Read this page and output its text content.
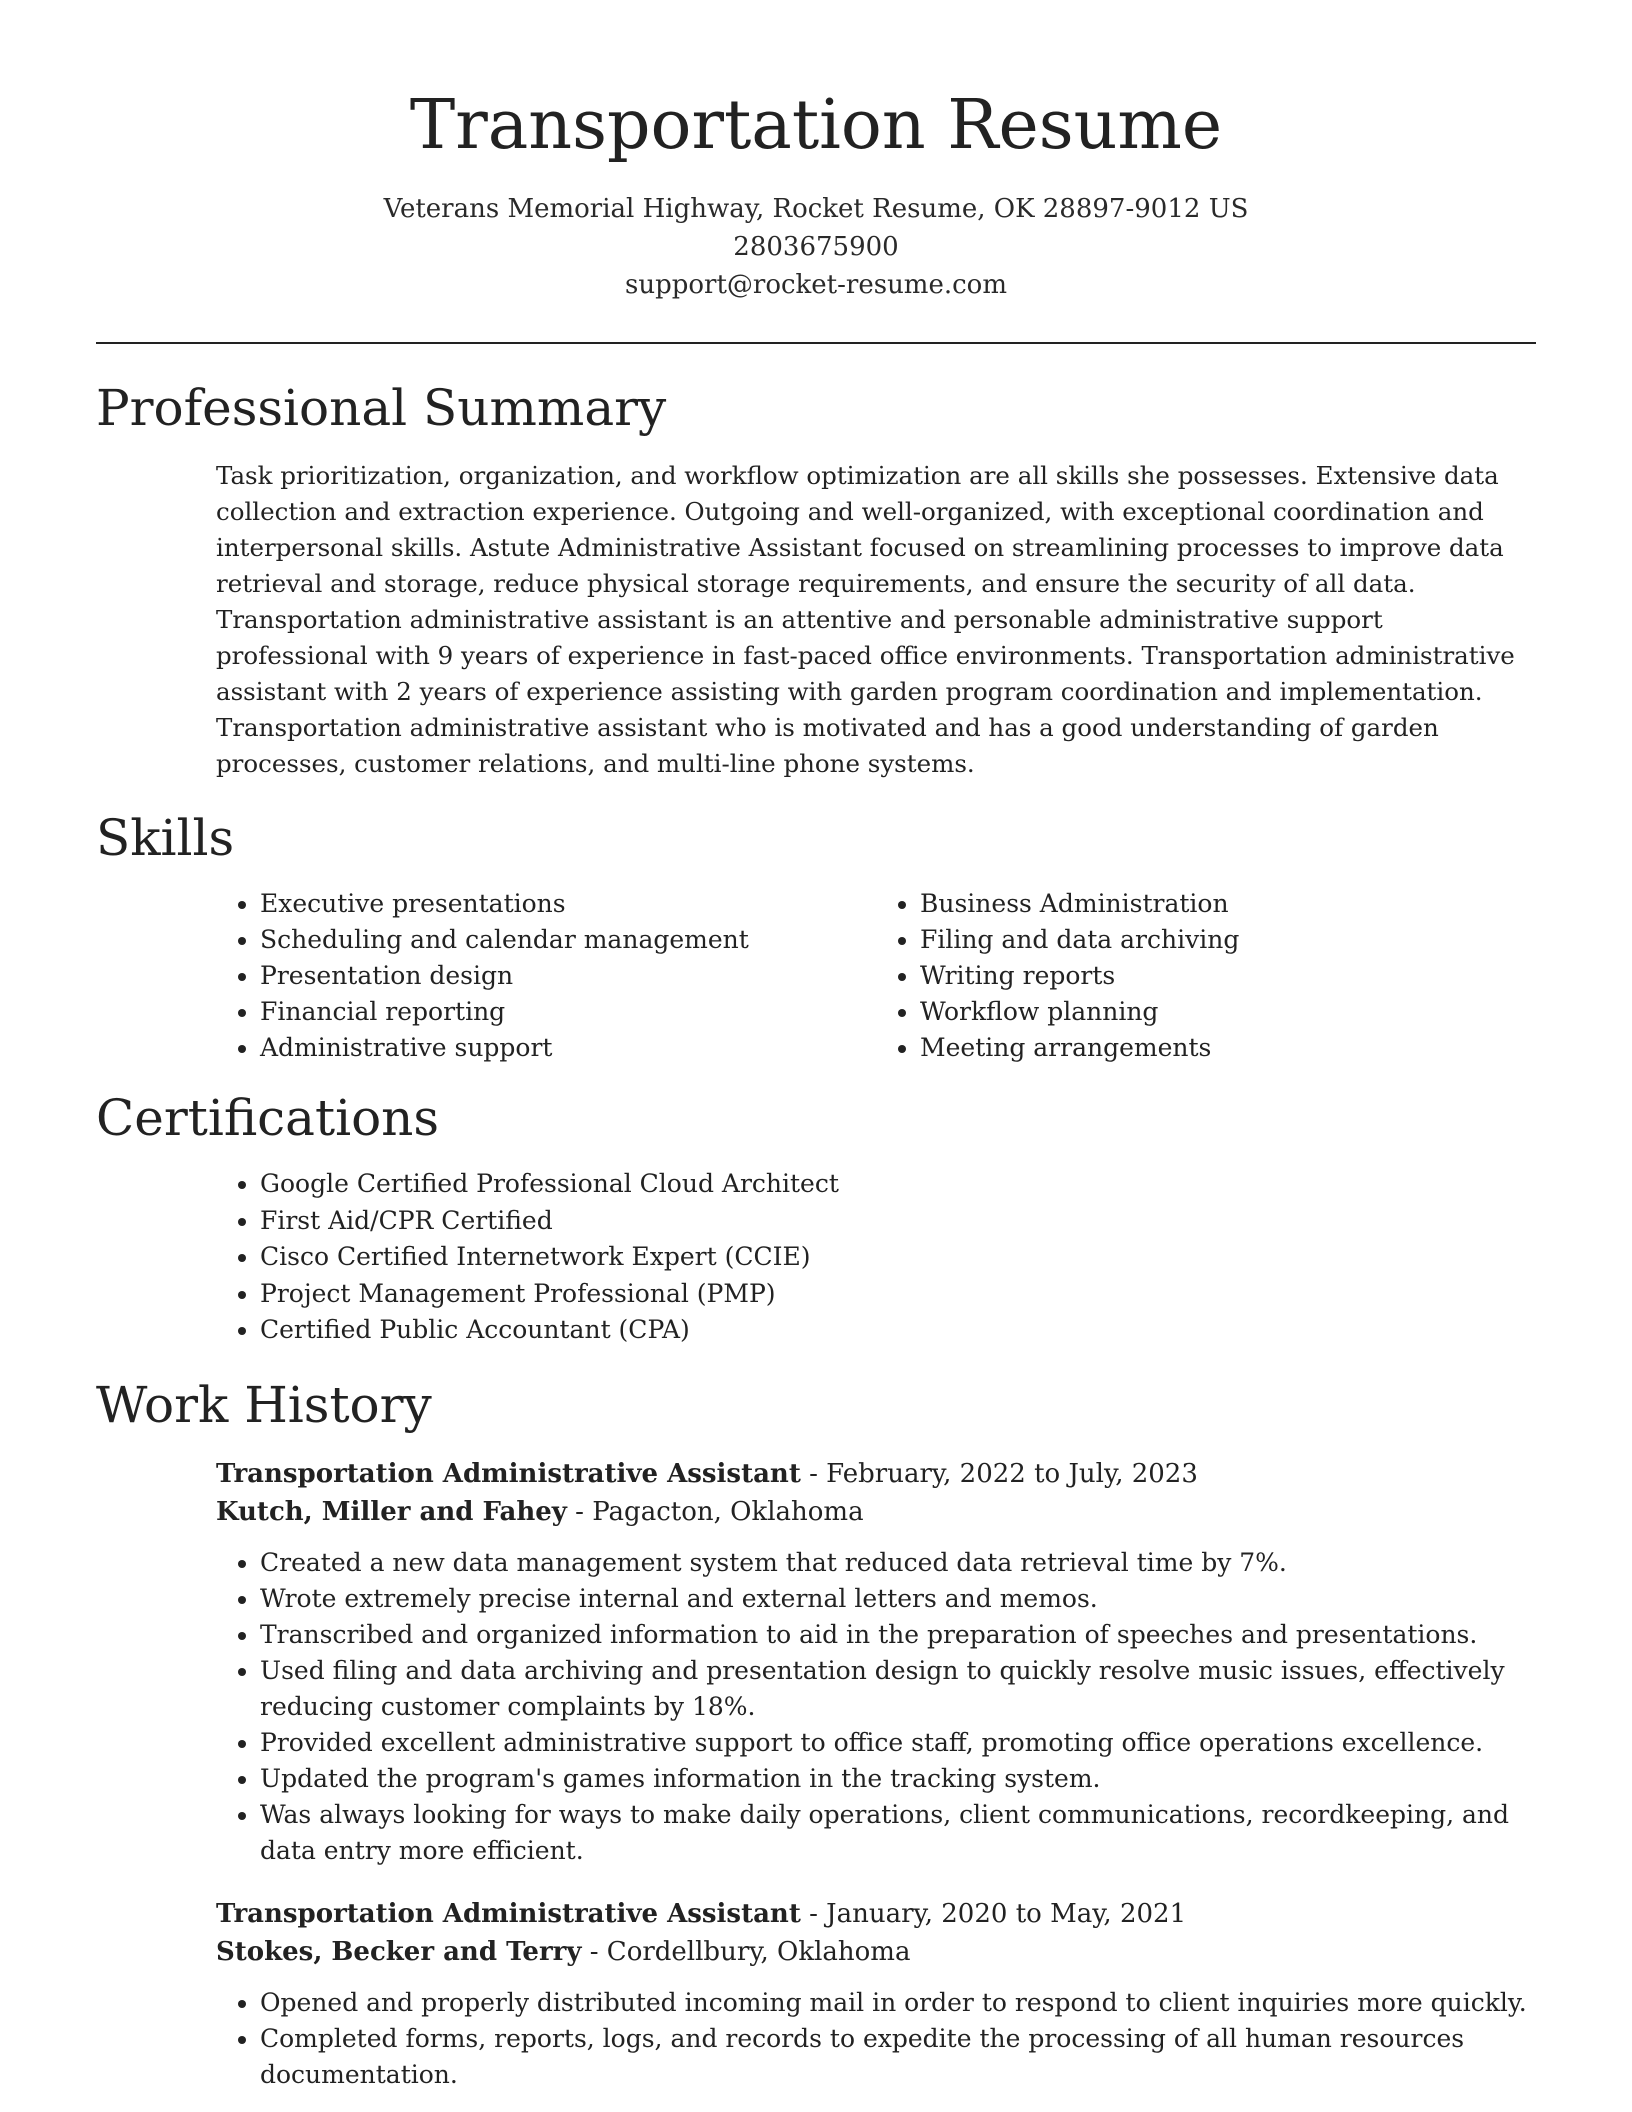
Transportation Resume
Veterans Memorial Highway, Rocket Resume, OK 28897-9012 US
2803675900
support@rocket-resume.com
Professional Summary

Task prioritization, organization, and workflow optimization are all skills she possesses. Extensive data collection and extraction experience. Outgoing and well-organized, with exceptional coordination and interpersonal skills. Astute Administrative Assistant focused on streamlining processes to improve data retrieval and storage, reduce physical storage requirements, and ensure the security of all data. Transportation administrative assistant is an attentive and personable administrative support professional with 9 years of experience in fast-paced office environments. Transportation administrative assistant with 2 years of experience assisting with garden program coordination and implementation. Transportation administrative assistant who is motivated and has a good understanding of garden processes, customer relations, and multi-line phone systems.

Skills
• Executive presentations
• Scheduling and calendar management
• Presentation design
• Financial reporting
• Administrative support
• Business Administration
• Filing and data archiving
• Writing reports
• Workflow planning
• Meeting arrangements
Certifications
• Google Certified Professional Cloud Architect
• First Aid/CPR Certified
• Cisco Certified Internetwork Expert (CCIE)
• Project Management Professional (PMP)
• Certified Public Accountant (CPA)
Work History
Transportation Administrative Assistant - February, 2022 to July, 2023
Kutch, Miller and Fahey - Pagacton, Oklahoma
• Created a new data management system that reduced data retrieval time by 7%.
• Wrote extremely precise internal and external letters and memos.
• Transcribed and organized information to aid in the preparation of speeches and presentations.
• Used filing and data archiving and presentation design to quickly resolve music issues, effectively reducing customer complaints by 18%.
• Provided excellent administrative support to office staff, promoting office operations excellence.
• Updated the program's games information in the tracking system.
• Was always looking for ways to make daily operations, client communications, recordkeeping, and data entry more efficient.
Transportation Administrative Assistant - January, 2020 to May, 2021
Stokes, Becker and Terry - Cordellbury, Oklahoma
• Opened and properly distributed incoming mail in order to respond to client inquiries more quickly.
• Completed forms, reports, logs, and records to expedite the processing of all human resources documentation.
